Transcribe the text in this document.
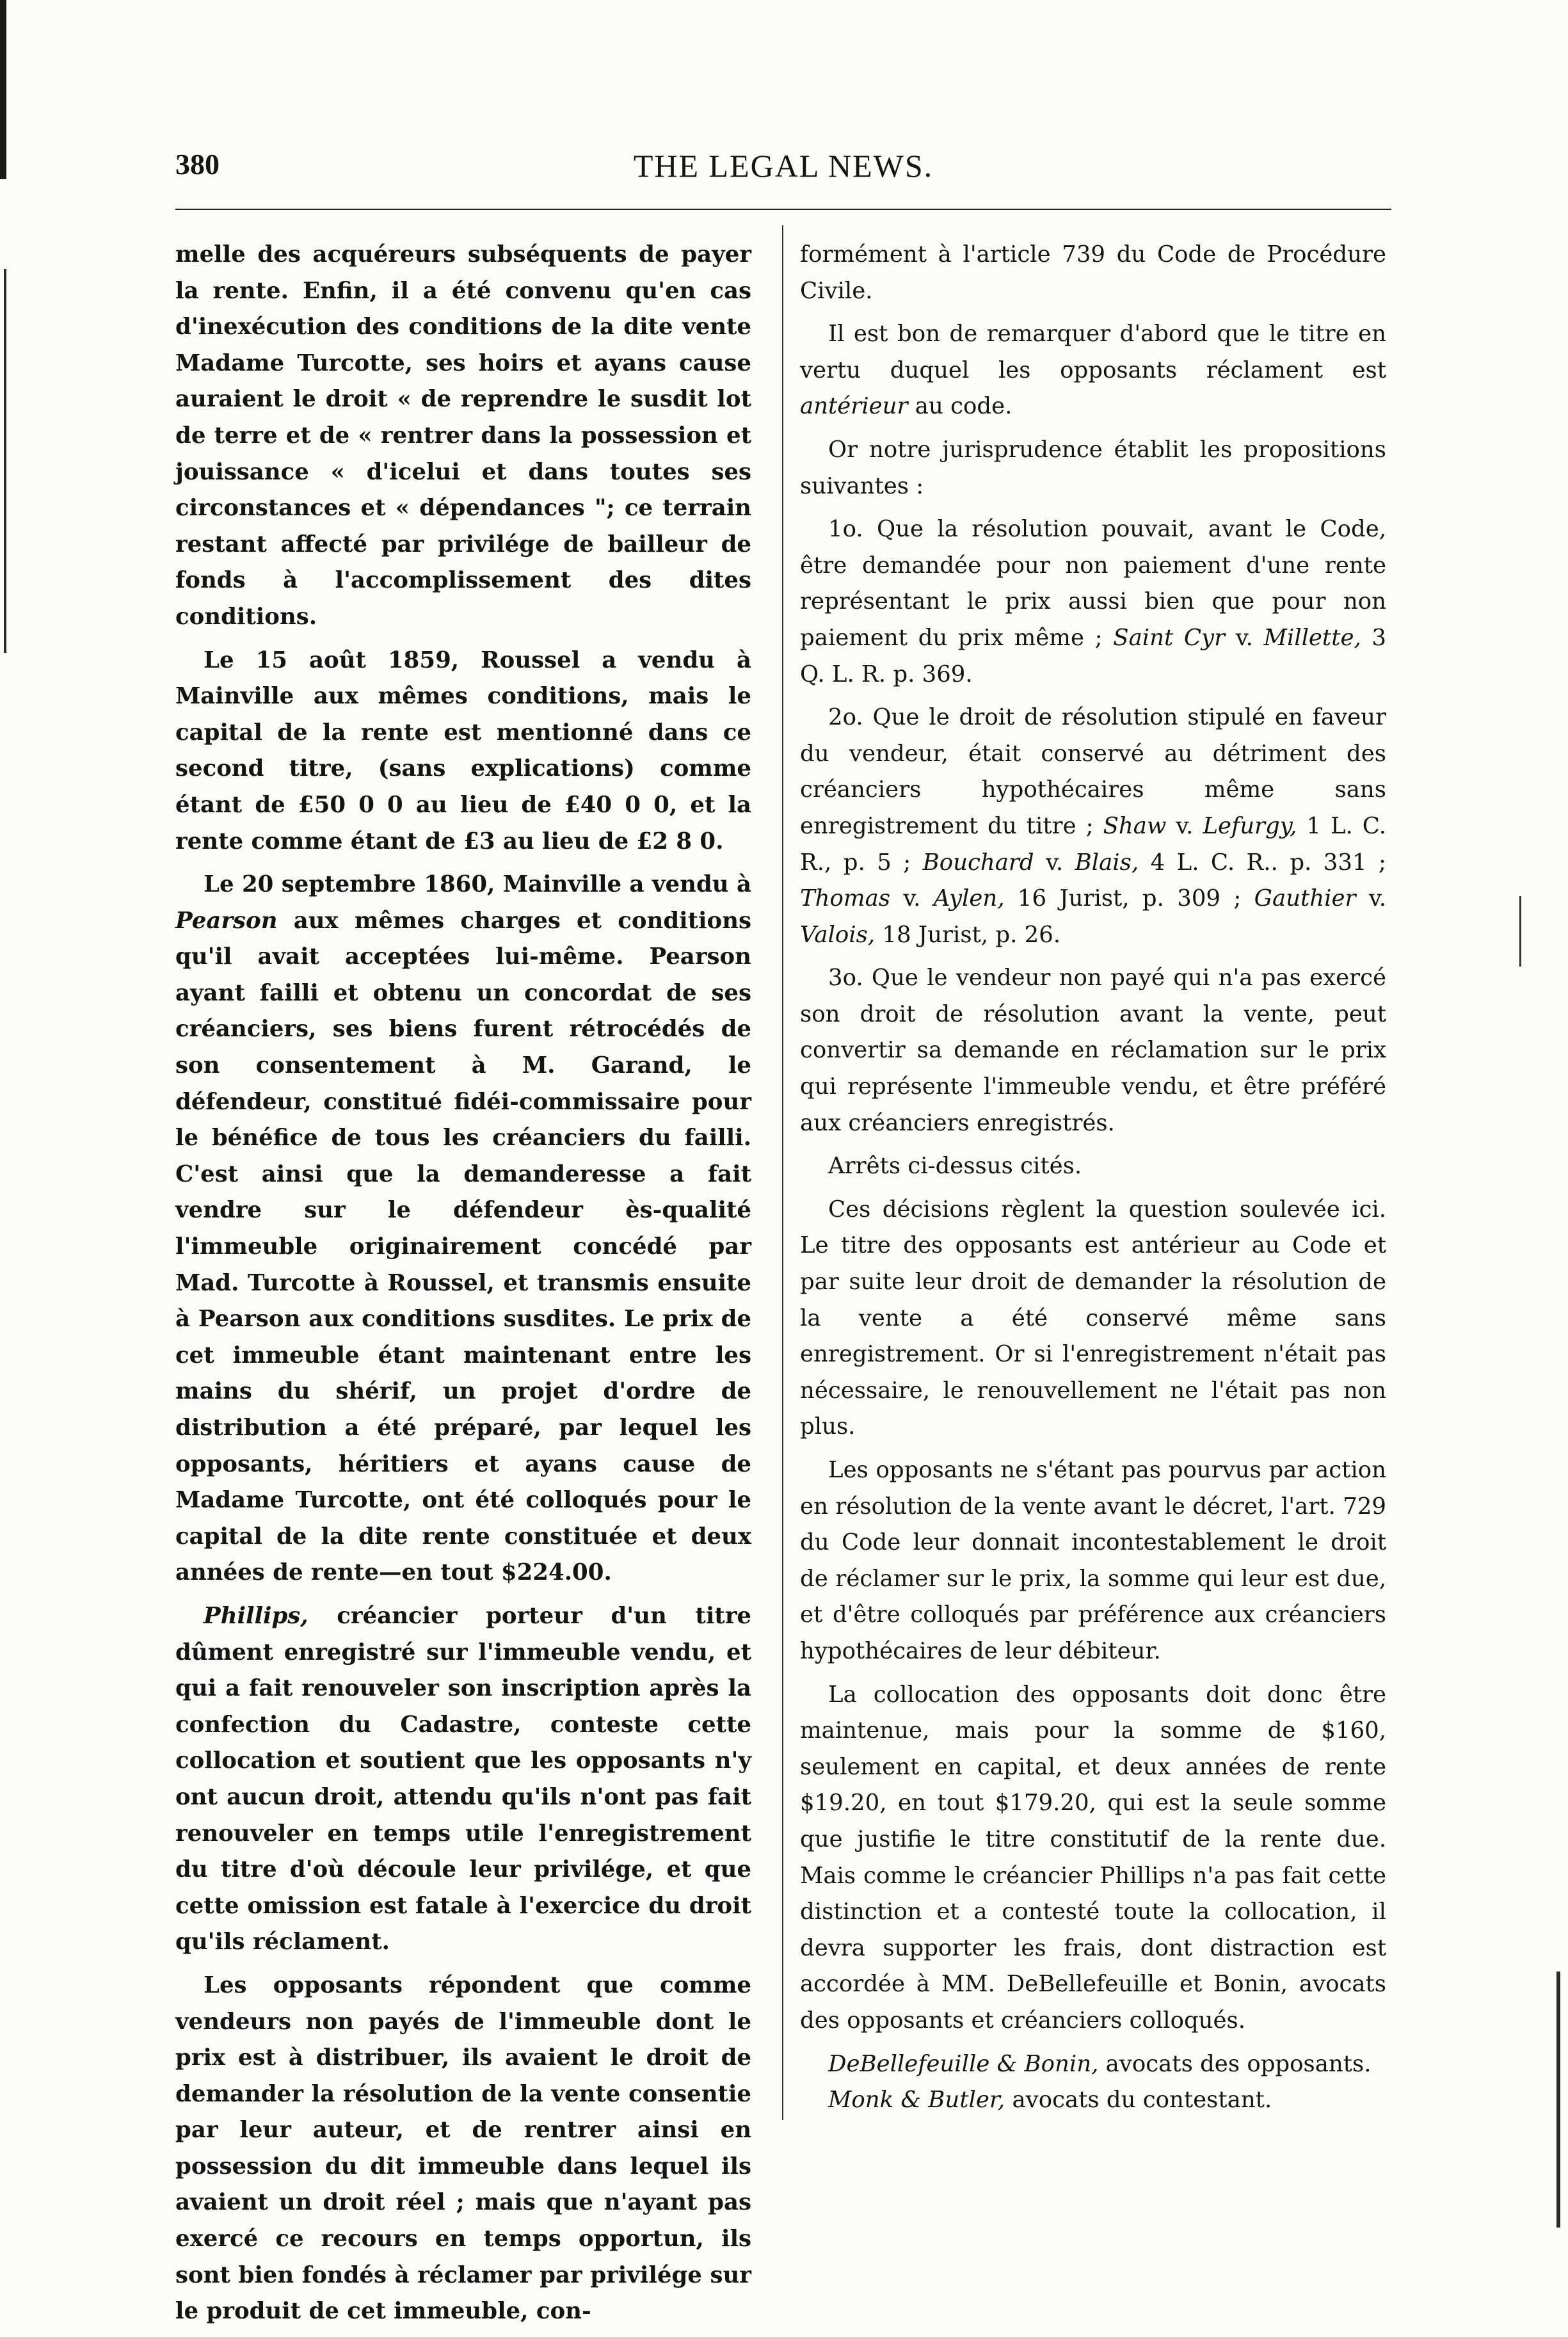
380	THE LEGAL NEWS.

melle des acquéreurs subséquents de payer la rente. Enfin, il a été convenu qu'en cas d'inexécution des conditions de la dite vente Madame Turcotte, ses hoirs et ayans cause auraient le droit « de reprendre le susdit lot de terre et de « rentrer dans la possession et jouissance « d'icelui et dans toutes ses circonstances et « dépendances "; ce terrain restant affecté par privilége de bailleur de fonds à l'accomplissement des dites conditions.

Le 15 août 1859, Roussel a vendu à Mainville aux mêmes conditions, mais le capital de la rente est mentionné dans ce second titre, (sans explications) comme étant de £50 0 0 au lieu de £40 0 0, et la rente comme étant de £3 au lieu de £2 8 0.

Le 20 septembre 1860, Mainville a vendu à Pearson aux mêmes charges et conditions qu'il avait acceptées lui-même. Pearson ayant failli et obtenu un concordat de ses créanciers, ses biens furent rétrocédés de son consentement à M. Garand, le défendeur, constitué fidéi-commissaire pour le bénéfice de tous les créanciers du failli. C'est ainsi que la demanderesse a fait vendre sur le défendeur ès-qualité l'immeuble originairement concédé par Mad. Turcotte à Roussel, et transmis ensuite à Pearson aux conditions susdites. Le prix de cet immeuble étant maintenant entre les mains du shérif, un projet d'ordre de distribution a été préparé, par lequel les opposants, héritiers et ayans cause de Madame Turcotte, ont été colloqués pour le capital de la dite rente constituée et deux années de rente—en tout $224.00.

Phillips, créancier porteur d'un titre dûment enregistré sur l'immeuble vendu, et qui a fait renouveler son inscription après la confection du Cadastre, conteste cette collocation et soutient que les opposants n'y ont aucun droit, attendu qu'ils n'ont pas fait renouveler en temps utile l'enregistrement du titre d'où découle leur privilége, et que cette omission est fatale à l'exercice du droit qu'ils réclament.

Les opposants répondent que comme vendeurs non payés de l'immeuble dont le prix est à distribuer, ils avaient le droit de demander la résolution de la vente consentie par leur auteur, et de rentrer ainsi en possession du dit immeuble dans lequel ils avaient un droit réel ; mais que n'ayant pas exercé ce recours en temps opportun, ils sont bien fondés à réclamer par privilége sur le produit de cet immeuble, con-

formément à l'article 739 du Code de Procédure Civile.

Il est bon de remarquer d'abord que le titre en vertu duquel les opposants réclament est antérieur au code.

Or notre jurisprudence établit les propositions suivantes :

1o. Que la résolution pouvait, avant le Code, être demandée pour non paiement d'une rente représentant le prix aussi bien que pour non paiement du prix même ; Saint Cyr v. Millette, 3 Q. L. R. p. 369.

2o. Que le droit de résolution stipulé en faveur du vendeur, était conservé au détriment des créanciers hypothécaires même sans enregistrement du titre ; Shaw v. Lefurgy, 1 L. C. R., p. 5 ; Bouchard v. Blais, 4 L. C. R.. p. 331 ; Thomas v. Aylen, 16 Jurist, p. 309 ; Gauthier v. Valois, 18 Jurist, p. 26.

3o. Que le vendeur non payé qui n'a pas exercé son droit de résolution avant la vente, peut convertir sa demande en réclamation sur le prix qui représente l'immeuble vendu, et être préféré aux créanciers enregistrés.

Arrêts ci-dessus cités.

Ces décisions règlent la question soulevée ici. Le titre des opposants est antérieur au Code et par suite leur droit de demander la résolution de la vente a été conservé même sans enregistrement. Or si l'enregistrement n'était pas nécessaire, le renouvellement ne l'était pas non plus.

Les opposants ne s'étant pas pourvus par action en résolution de la vente avant le décret, l'art. 729 du Code leur donnait incontestablement le droit de réclamer sur le prix, la somme qui leur est due, et d'être colloqués par préférence aux créanciers hypothécaires de leur débiteur.

La collocation des opposants doit donc être maintenue, mais pour la somme de $160, seulement en capital, et deux années de rente $19.20, en tout $179.20, qui est la seule somme que justifie le titre constitutif de la rente due. Mais comme le créancier Phillips n'a pas fait cette distinction et a contesté toute la collocation, il devra supporter les frais, dont distraction est accordée à MM. DeBellefeuille et Bonin, avocats des opposants et créanciers colloqués.

DeBellefeuille & Bonin, avocats des opposants.

Monk & Butler, avocats du contestant.
